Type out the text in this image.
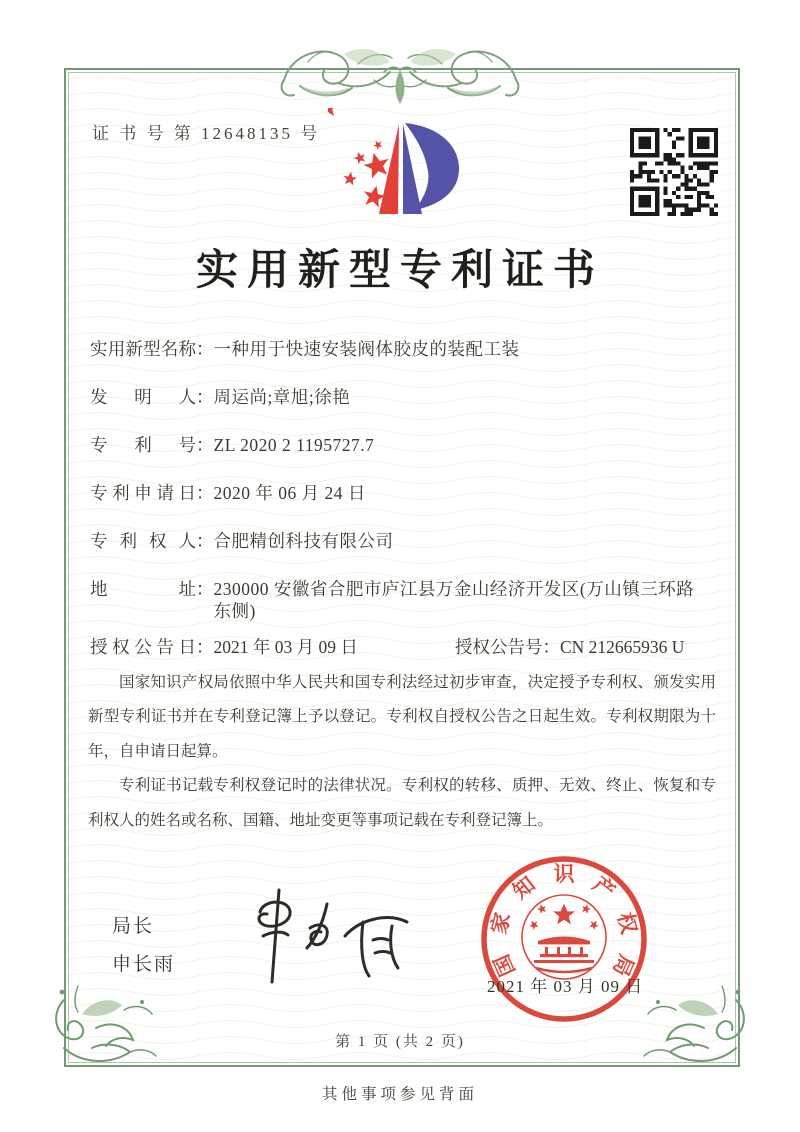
证 书 号 第 12648135 号
实用新型专利证书
实用新型名称 ： 一种用于快速安装阀体胶皮的装配工装
发明人 ： 周运尚;章旭;徐艳
专利号 ： ZL 2020 2 1195727.7
专利申请日 ： 2020 年 06 月 24 日
专利权人 ： 合肥精创科技有限公司
地址 ： 230000 安徽省合肥市庐江县万金山经济开发区(万山镇三环路东侧)
授权公告日 ： 2021 年 03 月 09 日	授权公告号 ： CN 212665936 U

国家知识产权局依照中华人民共和国专利法经过初步审查，决定授予专利权、颁发实用新型专利证书并在专利登记簿上予以登记。专利权自授权公告之日起生效。专利权期限为十年，自申请日起算。

专利证书记载专利权登记时的法律状况。专利权的转移、质押、无效、终止、恢复和专利权人的姓名或名称、国籍、地址变更等事项记载在专利登记簿上。

局长
申长雨	国
家
知 识 产
权
局
2021 年 03 月 09 日
第 1 页 (共 2 页)
其他事项参见背面
